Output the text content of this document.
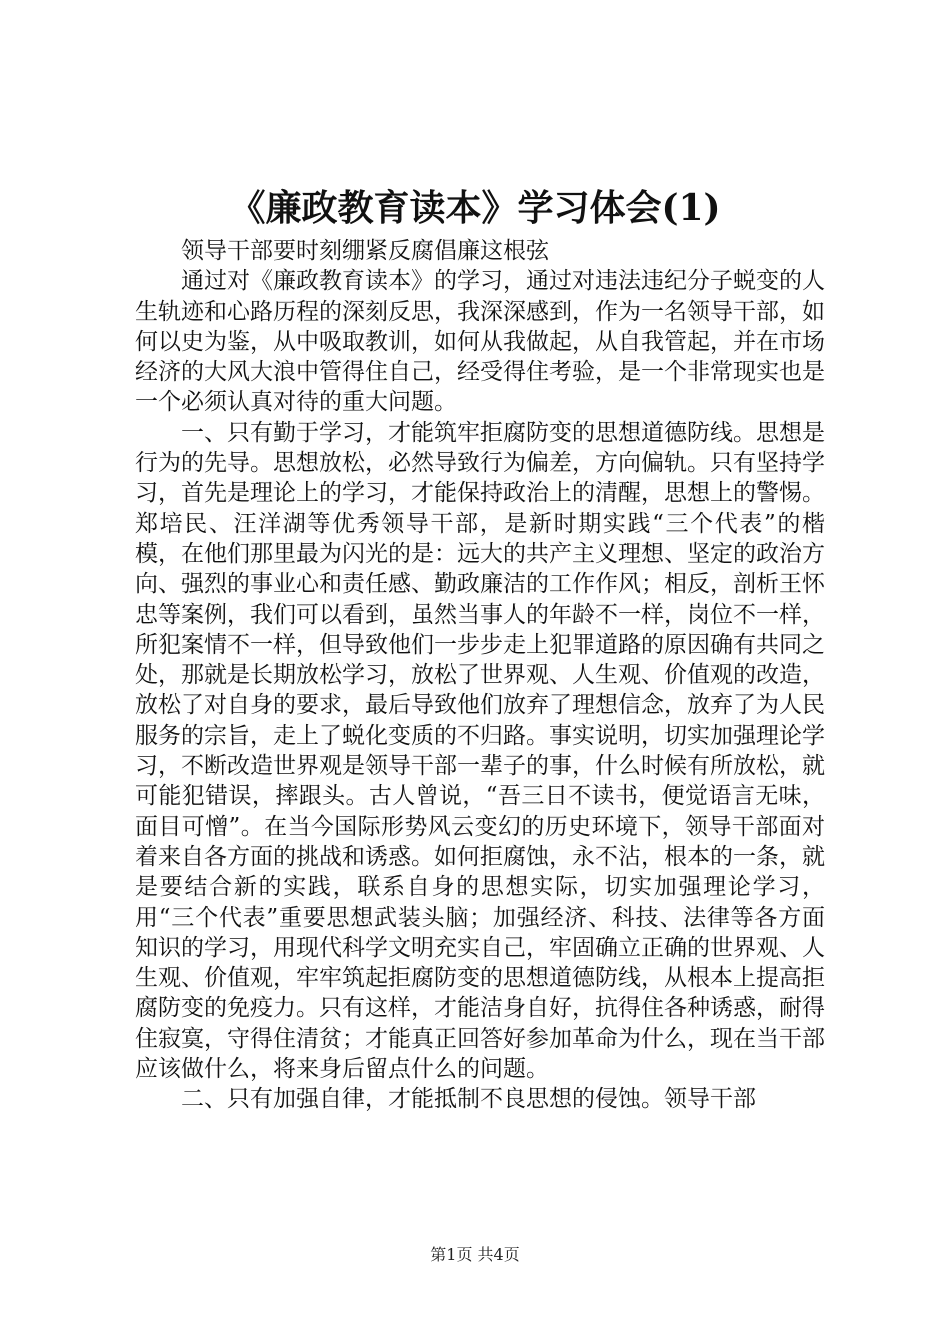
《廉政教育读本》学习体会(1)

领导干部要时刻绷紧反腐倡廉这根弦

通过对《廉政教育读本》的学习，通过对违法违纪分子蜕变的人生轨迹和心路历程的深刻反思，我深深感到，作为一名领导干部，如何以史为鉴，从中吸取教训，如何从我做起，从自我管起，并在市场经济的大风大浪中管得住自己，经受得住考验，是一个非常现实也是一个必须认真对待的重大问题。

一、只有勤于学习，才能筑牢拒腐防变的思想道德防线。思想是行为的先导。思想放松，必然导致行为偏差，方向偏轨。只有坚持学习，首先是理论上的学习，才能保持政治上的清醒，思想上的警惕。郑培民、汪洋湖等优秀领导干部，是新时期实践“三个代表”的楷模，在他们那里最为闪光的是：远大的共产主义理想、坚定的政治方向、强烈的事业心和责任感、勤政廉洁的工作作风；相反，剖析王怀忠等案例，我们可以看到，虽然当事人的年龄不一样，岗位不一样，所犯案情不一样，但导致他们一步步走上犯罪道路的原因确有共同之处，那就是长期放松学习，放松了世界观、人生观、价值观的改造，放松了对自身的要求，最后导致他们放弃了理想信念，放弃了为人民服务的宗旨，走上了蜕化变质的不归路。事实说明，切实加强理论学习，不断改造世界观是领导干部一辈子的事，什么时候有所放松，就可能犯错误，摔跟头。古人曾说，“吾三日不读书，便觉语言无味，面目可憎”。在当今国际形势风云变幻的历史环境下，领导干部面对着来自各方面的挑战和诱惑。如何拒腐蚀，永不沾，根本的一条，就是要结合新的实践，联系自身的思想实际，切实加强理论学习，用“三个代表”重要思想武装头脑；加强经济、科技、法律等各方面知识的学习，用现代科学文明充实自己，牢固确立正确的世界观、人生观、价值观，牢牢筑起拒腐防变的思想道德防线，从根本上提高拒腐防变的免疫力。只有这样，才能洁身自好，抗得住各种诱惑，耐得住寂寞，守得住清贫；才能真正回答好参加革命为什么，现在当干部应该做什么，将来身后留点什么的问题。

二、只有加强自律，才能抵制不良思想的侵蚀。领导干部

第1页 共4页
